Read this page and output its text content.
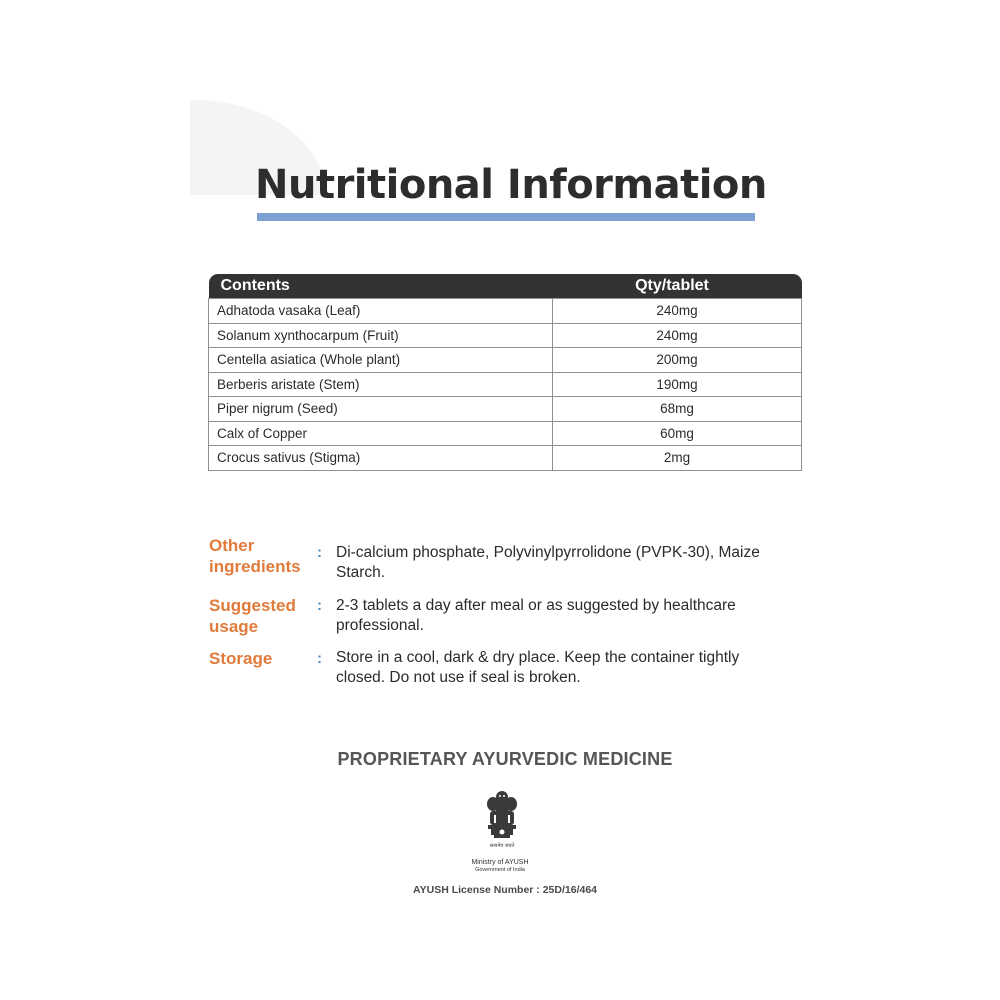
Nutritional Information
Contents	Qty/tablet
Adhatoda vasaka (Leaf)	240mg
Solanum xynthocarpum (Fruit)	240mg
Centella asiatica (Whole plant)	200mg
Berberis aristate (Stem)	190mg
Piper nigrum (Seed)	68mg
Calx of Copper	60mg
Crocus sativus (Stigma)	2mg
Other
ingredients
: Di-calcium phosphate, Polyvinylpyrrolidone (PVPK-30), Maize Starch.
Suggested
usage
: 2-3 tablets a day after meal or as suggested by healthcare professional.
Storage	: Store in a cool, dark & dry place. Keep the container tightly closed. Do not use if seal is broken.
PROPRIETARY AYURVEDIC MEDICINE
सत्यमेव जयते
Ministry of AYUSH
Government of India
AYUSH License Number : 25D/16/464
